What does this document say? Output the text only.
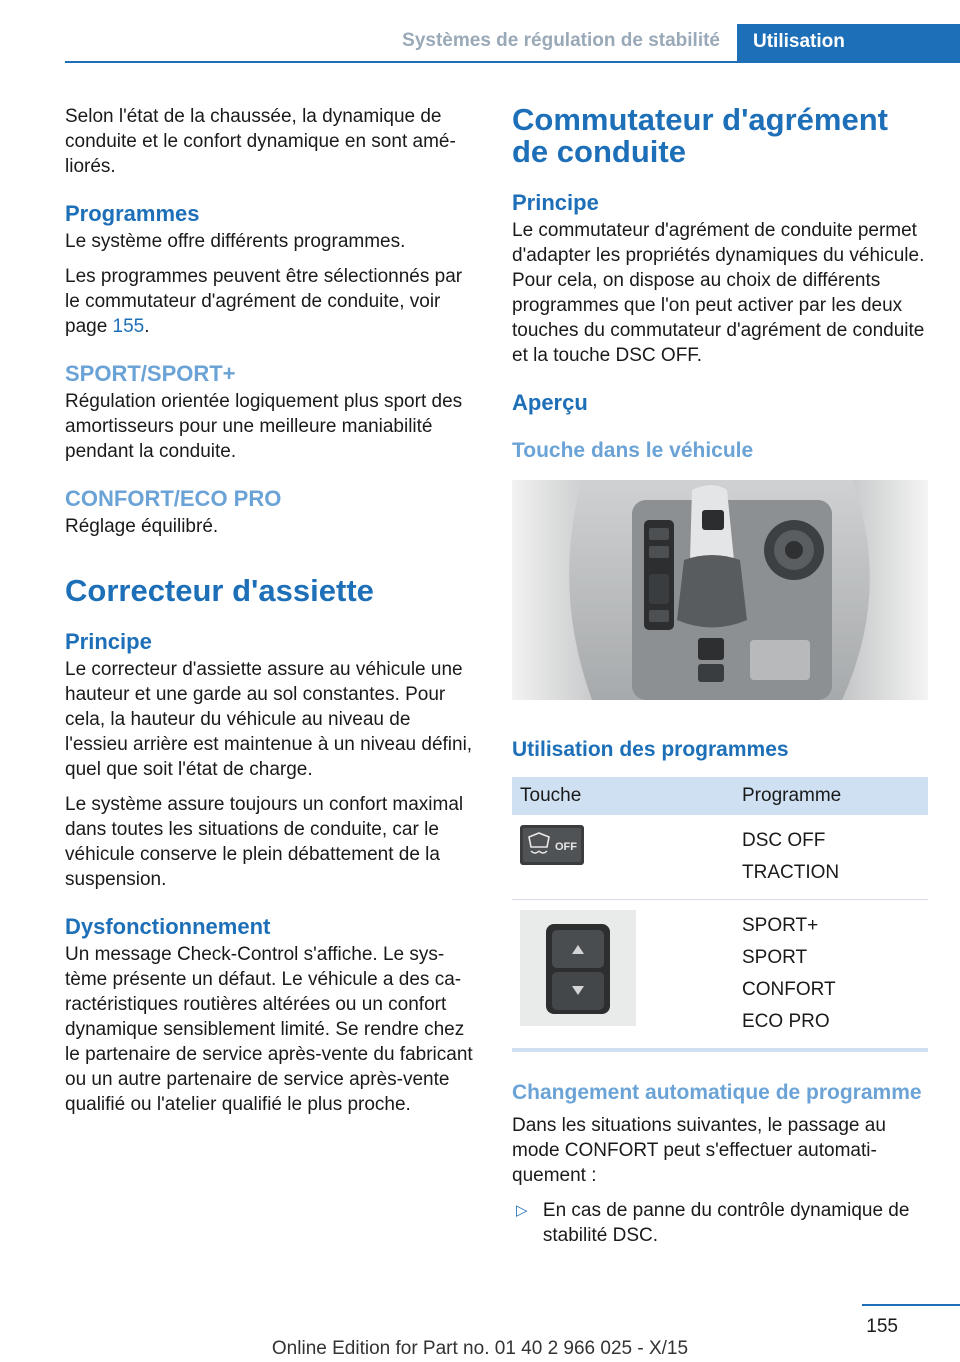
Systèmes de régulation de stabilité	Utilisation

Selon l'état de la chaussée, la dynamique de conduite et le confort dynamique en sont améliorés.

Programmes

Le système offre différents programmes.

Les programmes peuvent être sélectionnés par le commutateur d'agrément de conduite, voir page 155.

SPORT/SPORT+

Régulation orientée logiquement plus sport des amortisseurs pour une meilleure maniabilité pendant la conduite.

CONFORT/ECO PRO

Réglage équilibré.

Correcteur d'assiette
Principe

Le correcteur d'assiette assure au véhicule une hauteur et une garde au sol constantes. Pour cela, la hauteur du véhicule au niveau de l'essieu arrière est maintenue à un niveau défini, quel que soit l'état de charge.

Le système assure toujours un confort maximal dans toutes les situations de conduite, car le véhicule conserve le plein débattement de la suspension.

Dysfonctionnement

Un message Check-Control s'affiche. Le système présente un défaut. Le véhicule a des caractéristiques routières altérées ou un confort dynamique sensiblement limité. Se rendre chez le partenaire de service après-vente du fabricant ou un autre partenaire de service après-vente qualifié ou l'atelier qualifié le plus proche.

Commutateur d'agrément de conduite
Principe

Le commutateur d'agrément de conduite permet d'adapter les propriétés dynamiques du véhicule. Pour cela, on dispose au choix de différents programmes que l'on peut activer par les deux touches du commutateur d'agrément de conduite et la touche DSC OFF.

Aperçu
Touche dans le véhicule
Utilisation des programmes
Touche	Programme

OFF	DSC OFF
TRACTION

SPORT+
SPORT
CONFORT
ECO PRO
Changement automatique de programme

Dans les situations suivantes, le passage au mode CONFORT peut s'effectuer automatiquement :

▷ En cas de panne du contrôle dynamique de stabilité DSC.
155
Online Edition for Part no. 01 40 2 966 025 - X/15
